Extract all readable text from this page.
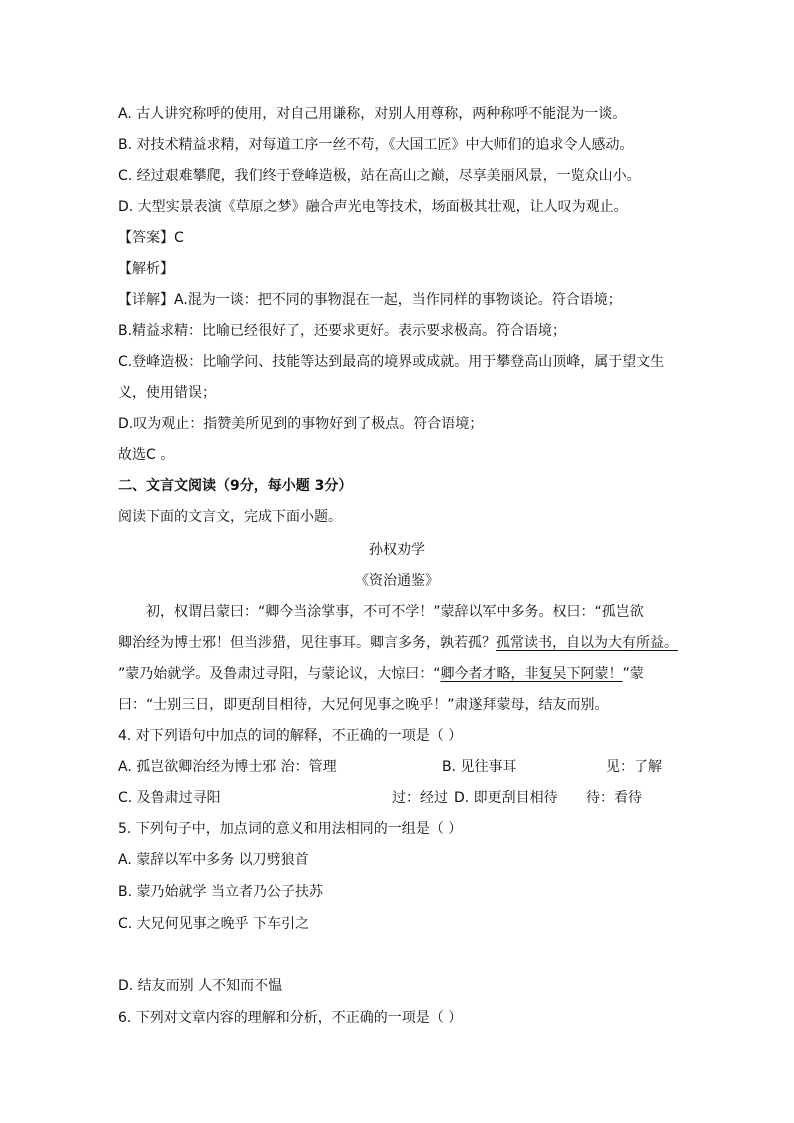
A. 古人讲究称呼的使用，对自己用谦称，对别人用尊称，两种称呼不能混为一谈。
B. 对技术精益求精，对每道工序一丝不苟，《大国工匠》中大师们的追求令人感动。
C. 经过艰难攀爬，我们终于登峰造极，站在高山之巅，尽享美丽风景，一览众山小。
D. 大型实景表演《草原之梦》融合声光电等技术，场面极其壮观，让人叹为观止。
【答案】C
【解析】
【详解】A.混为一谈：把不同的事物混在一起，当作同样的事物谈论。符合语境；
B.精益求精：比喻已经很好了，还要求更好。表示要求极高。符合语境；
C.登峰造极：比喻学问、技能等达到最高的境界或成就。用于攀登高山顶峰，属于望文生
义，使用错误；
D.叹为观止：指赞美所见到的事物好到了极点。符合语境；
故选C 。
二、文言文阅读（9分，每小题 3分）
阅读下面的文言文，完成下面小题。
孙权劝学
《资治通鉴》
初，权谓吕蒙曰：“卿今当涂掌事，不可不学！”蒙辞以军中多务。权曰：“孤岂欲
卿治经为博士邪！但当涉猎，见往事耳。卿言多务，孰若孤？孤常读书，自以为大有所益。
”蒙乃始就学。及鲁肃过寻阳，与蒙论议，大惊曰：“卿今者才略，非复吴下阿蒙！”蒙
曰：“士别三日，即更刮目相待，大兄何见事之晚乎！”肃遂拜蒙母，结友而别。
4. 对下列语句中加点的词的解释，不正确的一项是（ ）
A. 孤岂欲卿治经为博士邪 治：管理	B. 见往事耳	见：了解
C. 及鲁肃过寻阳	过：经过 D. 即更刮目相待 待：看待
5. 下列句子中，加点词的意义和用法相同的一组是（ ）
A. 蒙辞以军中多务 以刀劈狼首
B. 蒙乃始就学 当立者乃公子扶苏
C. 大兄何见事之晚乎 下车引之
D. 结友而别 人不知而不愠
6. 下列对文章内容的理解和分析，不正确的一项是（ ）
